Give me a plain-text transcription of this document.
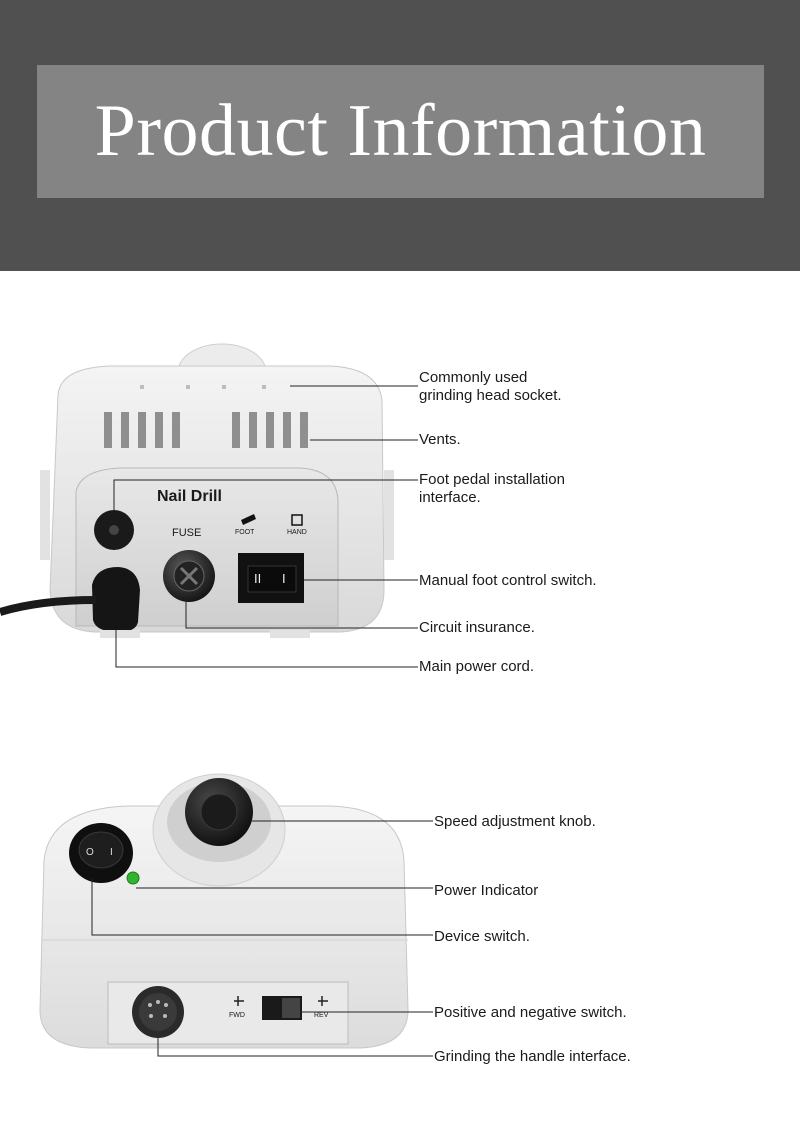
Product Information
Nail Drill
FUSE	FOOT	HAND
II I
Commonly used
grinding head socket.
Vents.
Foot pedal installation
interface.
Manual foot control switch.
Circuit insurance.
Main power cord.
O I
FWD	REV
Speed adjustment knob.
Power Indicator
Device switch.
Positive and negative switch.
Grinding the handle interface.
